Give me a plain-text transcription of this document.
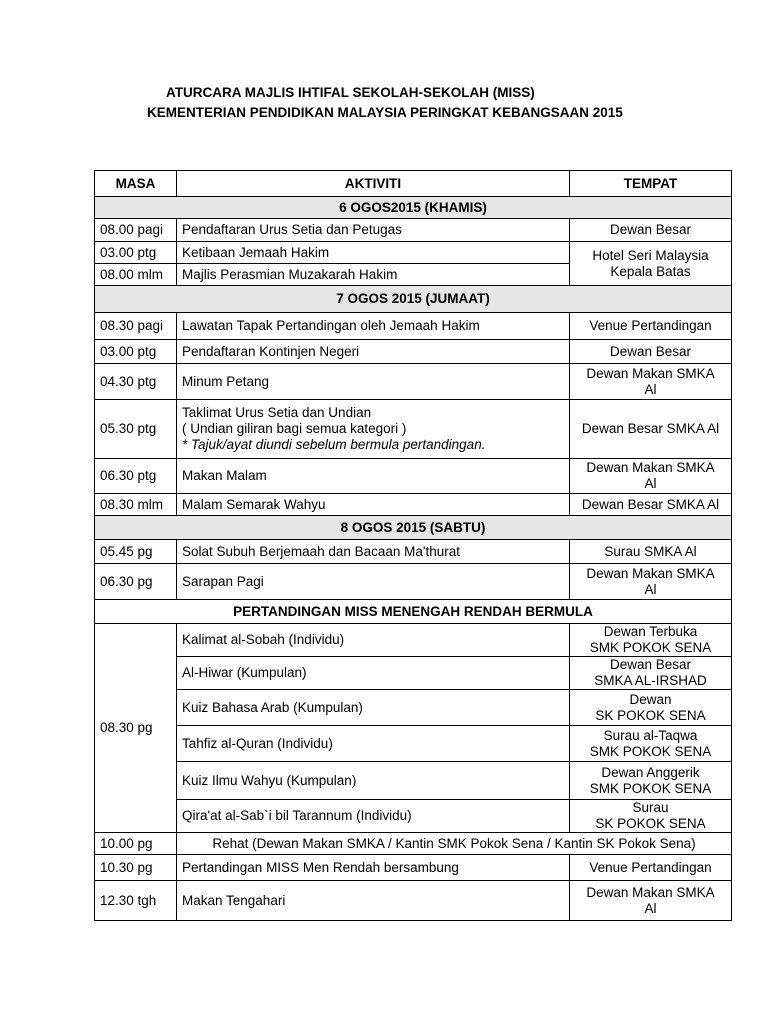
ATURCARA MAJLIS IHTIFAL SEKOLAH-SEKOLAH (MISS)
KEMENTERIAN PENDIDIKAN MALAYSIA PERINGKAT KEBANGSAAN 2015
MASA	AKTIVITI	TEMPAT
6 OGOS2015 (KHAMIS)		
08.00 pagi	Pendaftaran Urus Setia dan Petugas	Dewan Besar
03.00 ptg	Ketibaan Jemaah Hakim	Hotel Seri Malaysia
Kepala Batas

08.00 mlm	Majlis Perasmian Muzakarah Hakim	
7 OGOS 2015 (JUMAAT)		
08.30 pagi	Lawatan Tapak Pertandingan oleh Jemaah Hakim	Venue Pertandingan
03.00 ptg	Pendaftaran Kontinjen Negeri	Dewan Besar
04.30 ptg	Minum Petang	Dewan Makan SMKA
Al

05.30 ptg	Taklimat Urus Setia dan Undian
( Undian giliran bagi semua kategori )
* Tajuk/ayat diundi sebelum bermula pertandingan.	Dewan Besar SMKA Al
06.30 ptg	Makan Malam	Dewan Makan SMKA
Al

08.30 mlm	Malam Semarak Wahyu	Dewan Besar SMKA Al
8 OGOS 2015 (SABTU)		
05.45 pg	Solat Subuh Berjemaah dan Bacaan Ma'thurat	Surau SMKA Al
06.30 pg	Sarapan Pagi	Dewan Makan SMKA
Al

PERTANDINGAN MISS MENENGAH RENDAH BERMULA		
08.30 pg	Kalimat al-Sobah (Individu)	Dewan Terbuka
SMK POKOK SENA

	Al-Hiwar (Kumpulan)	Dewan Besar
SMKA AL-IRSHAD

	Kuiz Bahasa Arab (Kumpulan)	Dewan
SK POKOK SENA

	Tahfiz al-Quran (Individu)	Surau al-Taqwa
SMK POKOK SENA

	Kuiz Ilmu Wahyu (Kumpulan)	Dewan Anggerik
SMK POKOK SENA

	Qira'at al-Sab`i bil Tarannum (Individu)	Surau
SK POKOK SENA

10.00 pg	Rehat (Dewan Makan SMKA / Kantin SMK Pokok Sena / Kantin SK Pokok Sena)	
10.30 pg	Pertandingan MISS Men Rendah bersambung	Venue Pertandingan
12.30 tgh	Makan Tengahari	Dewan Makan SMKA
Al
